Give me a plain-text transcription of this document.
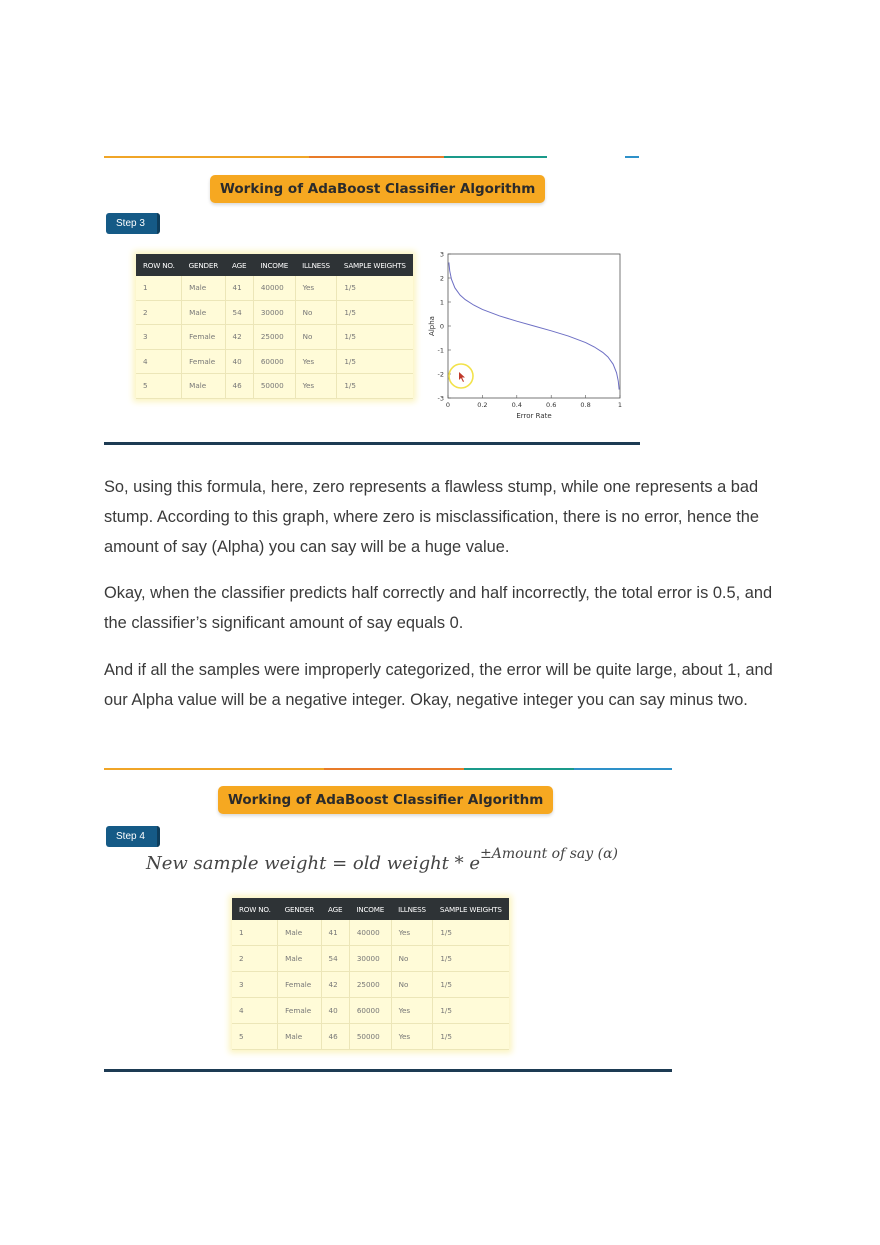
Working of AdaBoost Classifier Algorithm
Step 3
ROW NO.	GENDER	AGE	INCOME	ILLNESS	SAMPLE WEIGHTS
1	Male	41	40000	Yes	1/5
2	Male	54	30000	No	1/5
3	Female	42	25000	No	1/5
4	Female	40	60000	Yes	1/5
5	Male	46	50000	Yes	1/5
3
2
1
0
-1
-2
-3
0	0.2	0.4	0.6	0.8	1
Error Rate
Alpha

So, using this formula, here, zero represents a flawless stump, while one represents a bad stump. According to this graph, where zero is misclassification, there is no error, hence the amount of say (Alpha) you can say will be a huge value.

Okay, when the classifier predicts half correctly and half incorrectly, the total error is 0.5, and the classifier’s significant amount of say equals 0.

And if all the samples were improperly categorized, the error will be quite large, about 1, and our Alpha value will be a negative integer. Okay, negative integer you can say minus two.

Working of AdaBoost Classifier Algorithm
Step 4
New sample weight = old weight * $e^{\pm Amount of say (\alpha)}$
ROW NO.	GENDER	AGE	INCOME	ILLNESS	SAMPLE WEIGHTS
1	Male	41	40000	Yes	1/5
2	Male	54	30000	No	1/5
3	Female	42	25000	No	1/5
4	Female	40	60000	Yes	1/5
5	Male	46	50000	Yes	1/5
